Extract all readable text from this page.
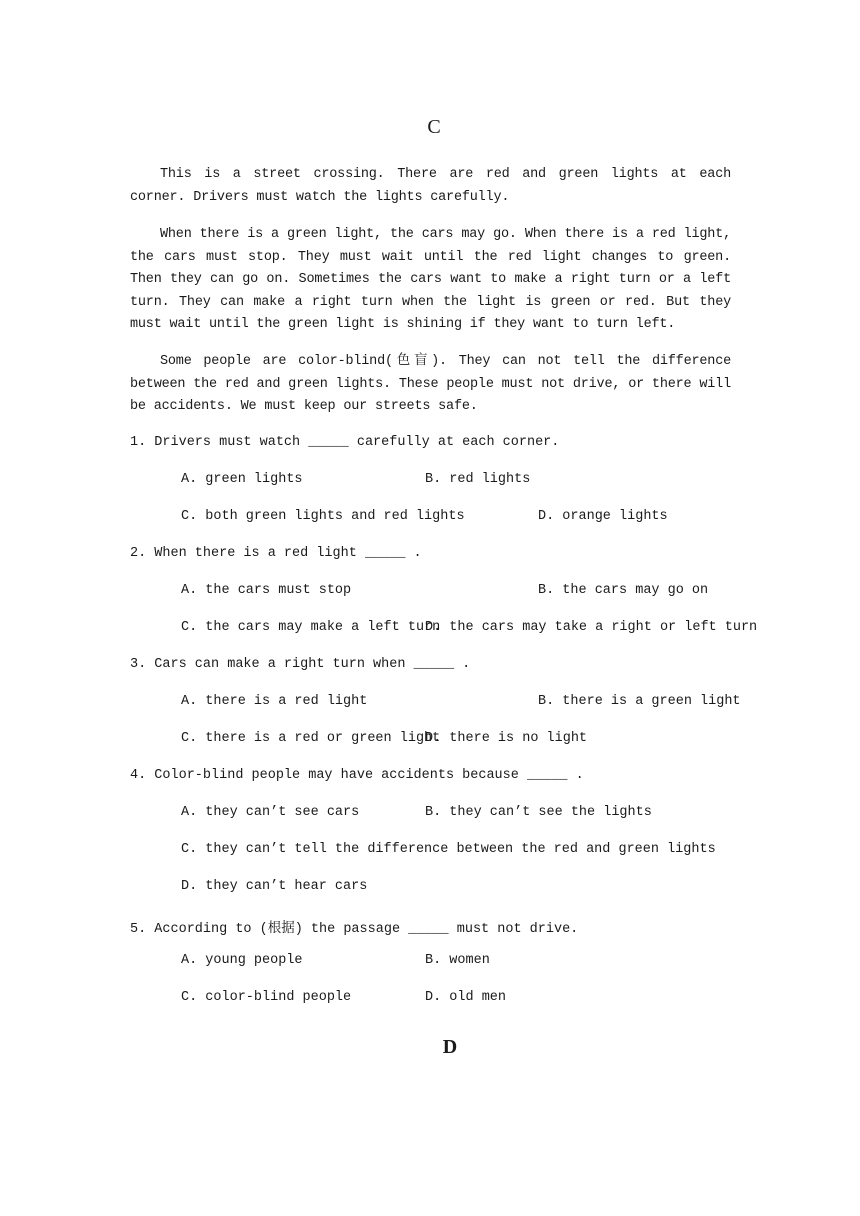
C

This is a street crossing. There are red and green lights at each corner. Drivers must watch the lights carefully.

When there is a green light, the cars may go. When there is a red light, the cars must stop. They must wait until the red light changes to green. Then they can go on. Sometimes the cars want to make a right turn or a left turn. They can make a right turn when the light is green or red. But they must wait until the green light is shining if they want to turn left.

Some people are color-blind(色盲). They can not tell the difference between the red and green lights. These people must not drive, or there will be accidents. We must keep our streets safe.

1. Drivers must watch _____ carefully at each corner.

A. green lights	B. red lights

C. both green lights and red lights	D. orange lights

2. When there is a red light _____ .

A. the cars must stop	B. the cars may go on

C. the cars may make a left turn

D. the cars may take a right or left turn

3. Cars can make a right turn when _____ .

A. there is a red light	B. there is a green light

C. there is a red or green light

D. there is no light

4. Color-blind people may have accidents because _____ .

A. they can’t see cars	B. they can’t see the lights

C. they can’t tell the difference between the red and green lights

D. they can’t hear cars

5. According to (根据) the passage _____ must not drive.

A. young people	B. women

C. color-blind people	D. old men

D
